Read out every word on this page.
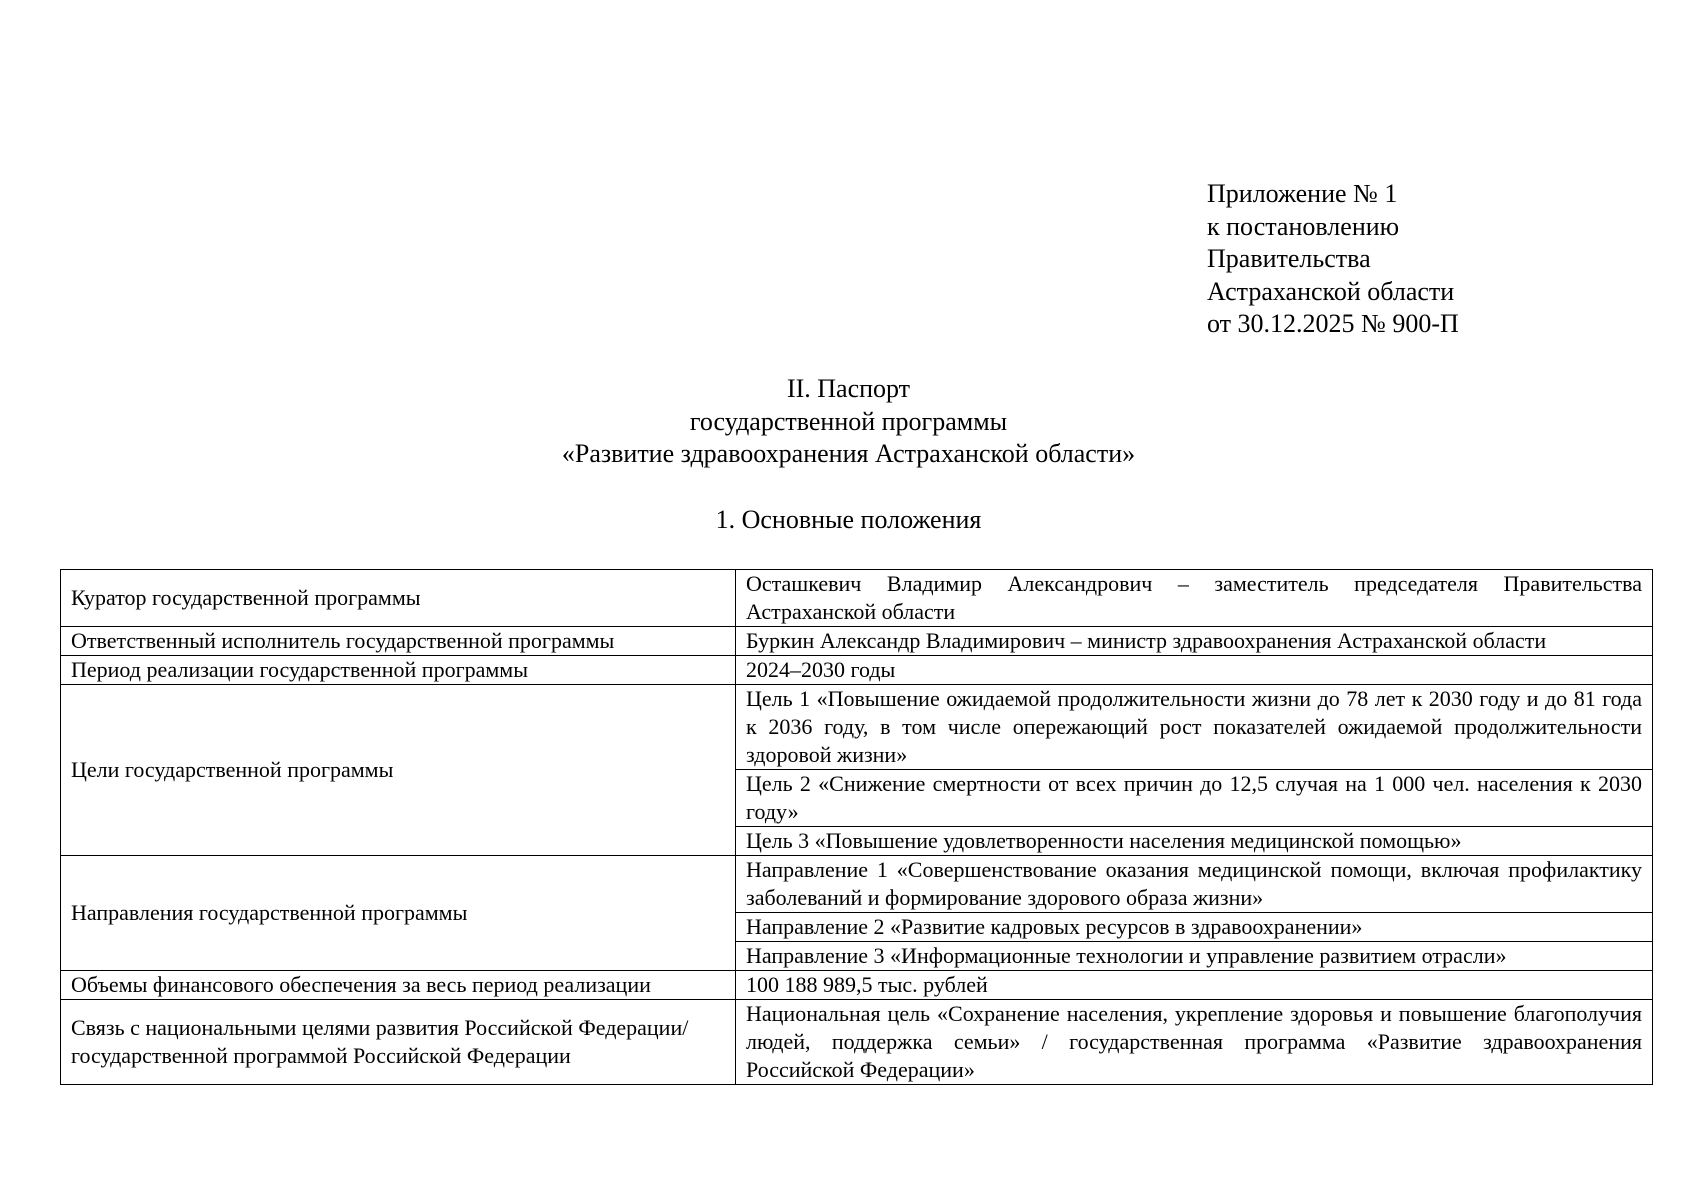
Приложение № 1
к постановлению
Правительства
Астраханской области
от 30.12.2025 № 900-П
II. Паспорт
государственной программы
«Развитие здравоохранения Астраханской области»
1. Основные положения
Куратор государственной программы	Осташкевич Владимир Александрович – заместитель председателя Правительства Астраханской области
Ответственный исполнитель государственной программы	Буркин Александр Владимирович – министр здравоохранения Астраханской области
Период реализации государственной программы	2024–2030 годы
Цели государственной программы	Цель 1 «Повышение ожидаемой продолжительности жизни до 78 лет к 2030 году и до 81 года к 2036 году, в том числе опережающий рост показателей ожидаемой продолжительности здоровой жизни»
	Цель 2 «Снижение смертности от всех причин до 12,5 случая на 1 000 чел. населения к 2030 году»
	Цель 3 «Повышение удовлетворенности населения медицинской помощью»
Направления государственной программы	Направление 1 «Совершенствование оказания медицинской помощи, включая профилактику заболеваний и формирование здорового образа жизни»
	Направление 2 «Развитие кадровых ресурсов в здравоохранении»
	Направление 3 «Информационные технологии и управление развитием отрасли»
Объемы финансового обеспечения за весь период реализации	100 188 989,5 тыс. рублей
Связь с национальными целями развития Российской Федерации/ государственной программой Российской Федерации	Национальная цель «Сохранение населения, укрепление здоровья и повышение благополучия людей, поддержка семьи» / государственная программа «Развитие здравоохранения Российской Федерации»
